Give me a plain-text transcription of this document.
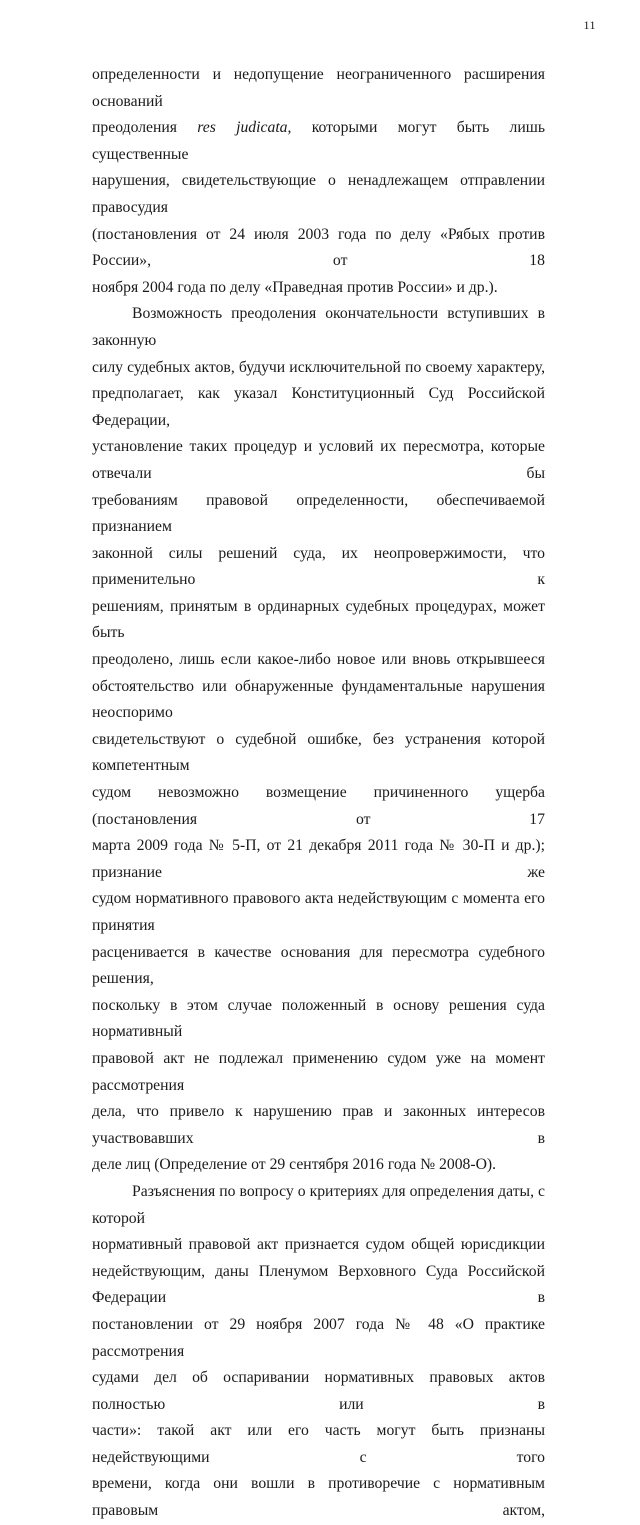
11

определенности и недопущение неограниченного расширения оснований
преодоления res judicata, которыми могут быть лишь существенные
нарушения, свидетельствующие о ненадлежащем отправлении правосудия
(постановления от 24 июля 2003 года по делу «Рябых против России», от 18
ноября 2004 года по делу «Праведная против России» и др.).

Возможность преодоления окончательности вступивших в законную
силу судебных актов, будучи исключительной по своему характеру,
предполагает, как указал Конституционный Суд Российской Федерации,
установление таких процедур и условий их пересмотра, которые отвечали бы
требованиям правовой определенности, обеспечиваемой признанием
законной силы решений суда, их неопровержимости, что применительно к
решениям, принятым в ординарных судебных процедурах, может быть
преодолено, лишь если какое-либо новое или вновь открывшееся
обстоятельство или обнаруженные фундаментальные нарушения неоспоримо
свидетельствуют о судебной ошибке, без устранения которой компетентным
судом невозможно возмещение причиненного ущерба (постановления от 17
марта 2009 года № 5-П, от 21 декабря 2011 года № 30-П и др.); признание же
судом нормативного правового акта недействующим с момента его принятия
расценивается в качестве основания для пересмотра судебного решения,
поскольку в этом случае положенный в основу решения суда нормативный
правовой акт не подлежал применению судом уже на момент рассмотрения
дела, что привело к нарушению прав и законных интересов участвовавших в
деле лиц (Определение от 29 сентября 2016 года № 2008-О).

Разъяснения по вопросу о критериях для определения даты, с которой
нормативный правовой акт признается судом общей юрисдикции
недействующим, даны Пленумом Верховного Суда Российской Федерации в
постановлении от 29 ноября 2007 года № 48 «О практике рассмотрения
судами дел об оспаривании нормативных правовых актов полностью или в
части»: такой акт или его часть могут быть признаны недействующими с того
времени, когда они вошли в противоречие с нормативным правовым актом,
